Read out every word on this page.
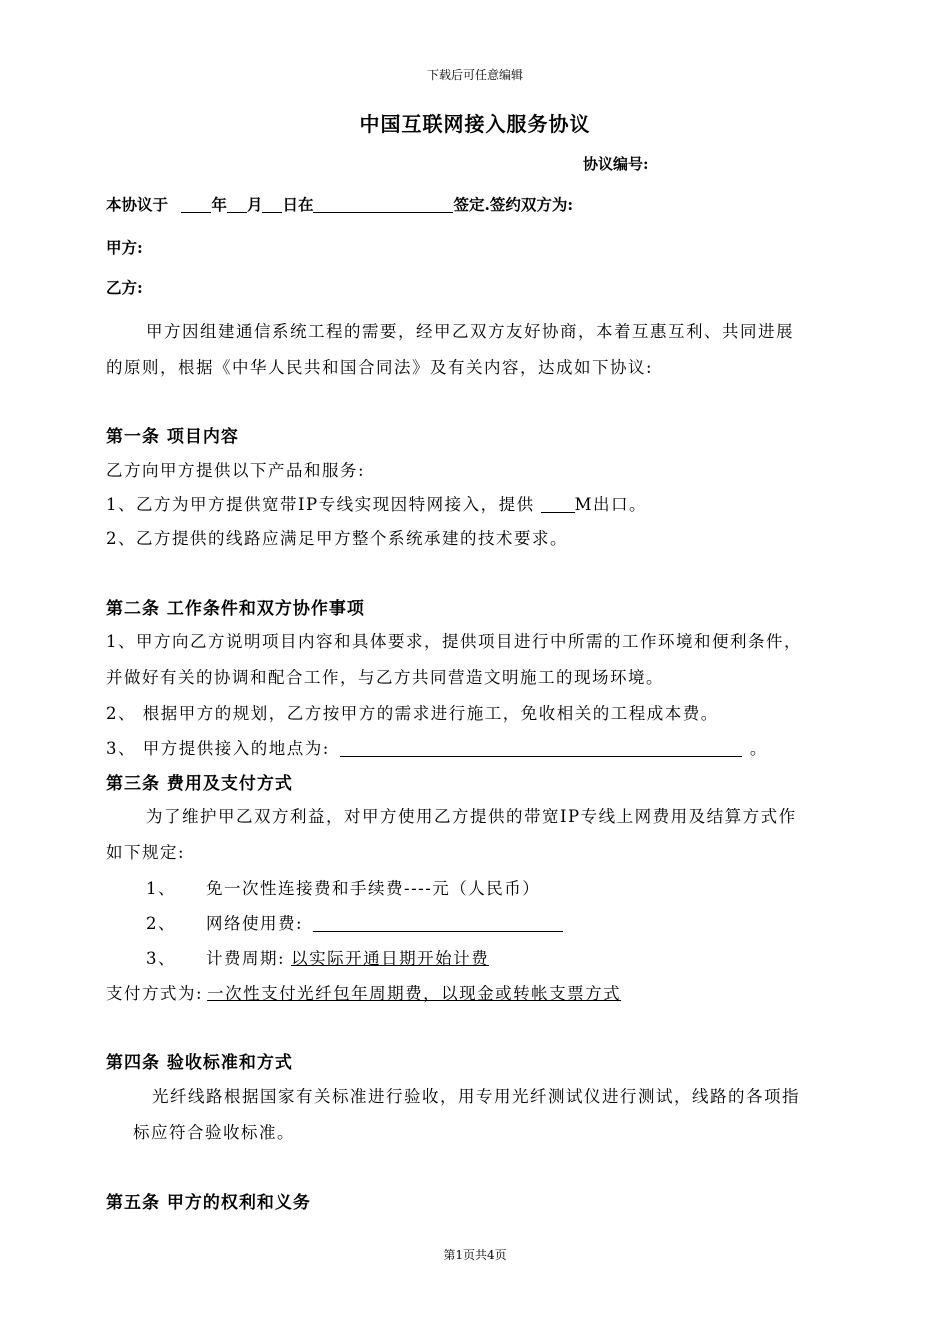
下载后可任意编辑
中国互联网接入服务协议
协议编号:
本协议于	年 月 日在	签定.签约双方为:
甲方:
乙方:
甲方因组建通信系统工程的需要，经甲乙双方友好协商，本着互惠互利、共同进展
的原则，根据《中华人民共和国合同法》及有关内容，达成如下协议:
第一条 项目内容
乙方向甲方提供以下产品和服务:
1、乙方为甲方提供宽带IP专线实现因特网接入，提供 M出口。
2、乙方提供的线路应满足甲方整个系统承建的技术要求。
第二条 工作条件和双方协作事项
1、甲方向乙方说明项目内容和具体要求，提供项目进行中所需的工作环境和便利条件，
并做好有关的协调和配合工作，与乙方共同营造文明施工的现场环境。
2、 根据甲方的规划，乙方按甲方的需求进行施工，免收相关的工程成本费。
3、 甲方提供接入的地点为:	。
第三条 费用及支付方式
为了维护甲乙双方利益，对甲方使用乙方提供的带宽IP专线上网费用及结算方式作
如下规定:
1、 免一次性连接费和手续费----元（人民币）
2、 网络使用费:
3、 计费周期: 以实际开通日期开始计费
支付方式为: 一次性支付光纤包年周期费，以现金或转帐支票方式
第四条 验收标准和方式
光纤线路根据国家有关标准进行验收，用专用光纤测试仪进行测试，线路的各项指
标应符合验收标准。
第五条 甲方的权利和义务
第1页共4页
